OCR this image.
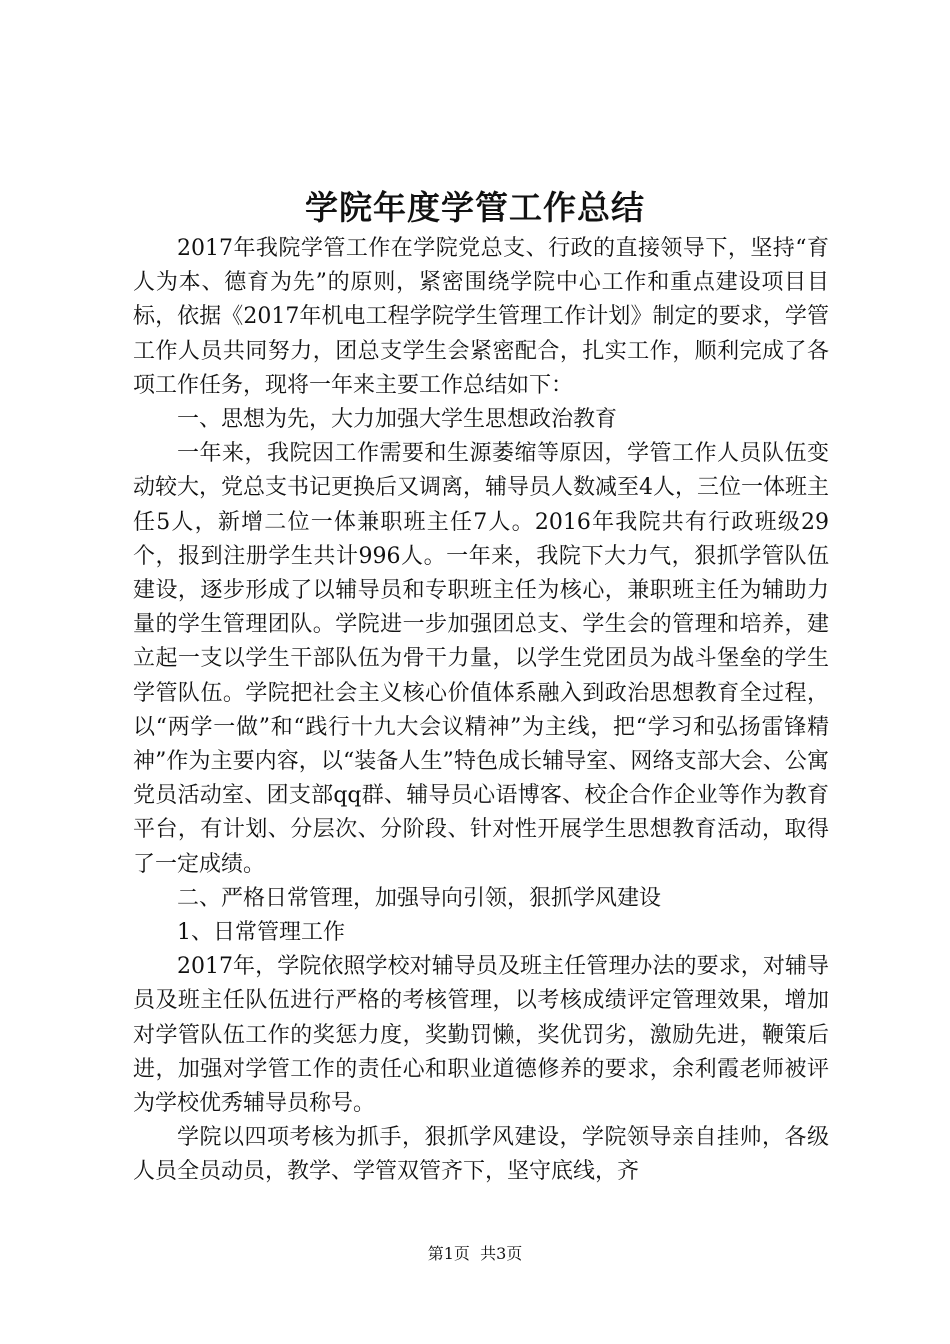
学院年度学管工作总结

2017年我院学管工作在学院党总支、行政的直接领导下，坚持“育人为本、德育为先”的原则，紧密围绕学院中心工作和重点建设项目目标，依据《2017年机电工程学院学生管理工作计划》制定的要求，学管工作人员共同努力，团总支学生会紧密配合，扎实工作，顺利完成了各项工作任务，现将一年来主要工作总结如下：

一、思想为先，大力加强大学生思想政治教育

一年来，我院因工作需要和生源萎缩等原因，学管工作人员队伍变动较大，党总支书记更换后又调离，辅导员人数减至4人，三位一体班主任5人，新增二位一体兼职班主任7人。2016年我院共有行政班级29个，报到注册学生共计996人。一年来，我院下大力气，狠抓学管队伍建设，逐步形成了以辅导员和专职班主任为核心，兼职班主任为辅助力量的学生管理团队。学院进一步加强团总支、学生会的管理和培养，建立起一支以学生干部队伍为骨干力量，以学生党团员为战斗堡垒的学生学管队伍。学院把社会主义核心价值体系融入到政治思想教育全过程，以“两学一做”和“践行十九大会议精神”为主线，把“学习和弘扬雷锋精神”作为主要内容，以“装备人生”特色成长辅导室、网络支部大会、公寓党员活动室、团支部qq群、辅导员心语博客、校企合作企业等作为教育平台，有计划、分层次、分阶段、针对性开展学生思想教育活动，取得了一定成绩。

二、严格日常管理，加强导向引领，狠抓学风建设

1、日常管理工作

2017年，学院依照学校对辅导员及班主任管理办法的要求，对辅导员及班主任队伍进行严格的考核管理，以考核成绩评定管理效果，增加对学管队伍工作的奖惩力度，奖勤罚懒，奖优罚劣，激励先进，鞭策后进，加强对学管工作的责任心和职业道德修养的要求，余利霞老师被评为学校优秀辅导员称号。

学院以四项考核为抓手，狠抓学风建设，学院领导亲自挂帅，各级人员全员动员，教学、学管双管齐下，坚守底线，齐

第1页  共3页
